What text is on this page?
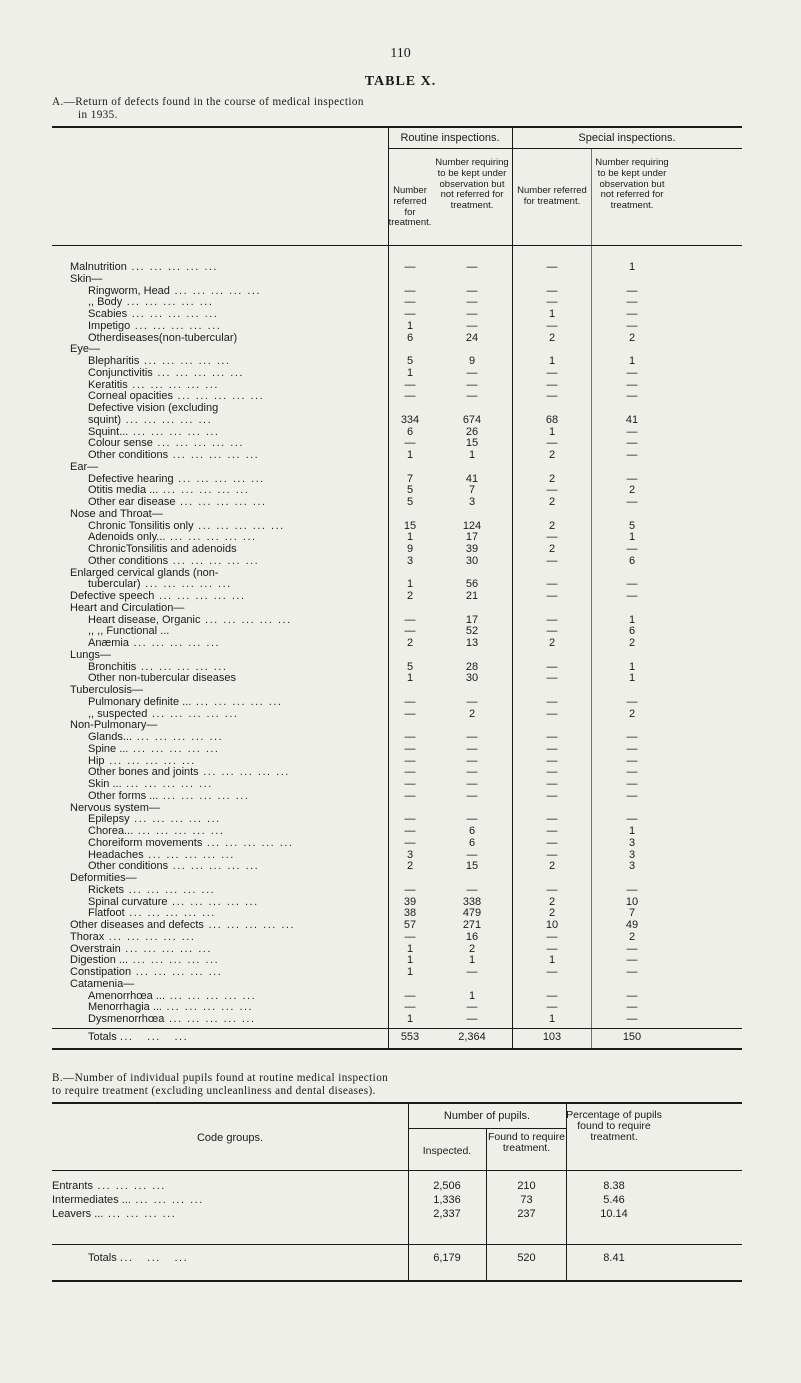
110
TABLE X.
A.—Return of defects found in the course of medical inspection
in 1935.
Routine inspections.	Special inspections.
Number referred for treatment.
Number requiring to be kept under observation but not referred for treatment.
Number referred for treatment.
Number requiring to be kept under observation but not referred for treatment.
Malnutrition ... ... ... ... ...	—	—	—	1
Skin—
Ringworm, Head ... ... ... ... ...	—	—	—	—
,, Body ... ... ... ... ...	—	—	—	—
Scabies ... ... ... ... ...	—	—	1	—
Impetigo ... ... ... ... ...	1	—	—	—
Otherdiseases(non-tubercular)	6	24	2	2
Eye—
Blepharitis ... ... ... ... ...	5	9	1	1
Conjunctivitis ... ... ... ... ...	1	—	—	—
Keratitis ... ... ... ... ...	—	—	—	—
Corneal opacities ... ... ... ... ...	—	—	—	—
Defective vision (excluding
squint) ... ... ... ... ...	334	674	68	41
Squint... ... ... ... ... ...	6	26	1	—
Colour sense ... ... ... ... ...	—	15	—	—
Other conditions ... ... ... ... ...	1	1	2	—
Ear—
Defective hearing ... ... ... ... ...	7	41	2	—
Otitis media ... ... ... ... ... ...	5	7	—	2
Other ear disease ... ... ... ... ...	5	3	2	—
Nose and Throat—
Chronic Tonsilitis only ... ... ... ... ...	15	124	2	5
Adenoids only... ... ... ... ... ...	1	17	—	1
ChronicTonsilitis and adenoids	9	39	2	—
Other conditions ... ... ... ... ...	3	30	—	6
Enlarged cervical glands (non-
tubercular) ... ... ... ... ...	1	56	—	—
Defective speech ... ... ... ... ...	2	21	—	—
Heart and Circulation—
Heart disease, Organic ... ... ... ... ...	—	17	—	1
,, ,, Functional ...	—	52	—	6
Anæmia ... ... ... ... ...	2	13	2	2
Lungs—
Bronchitis ... ... ... ... ...	5	28	—	1
Other non-tubercular diseases	1	30	—	1
Tuberculosis—
Pulmonary definite ... ... ... ... ... ...	—	—	—	—
,, suspected ... ... ... ... ...	—	2	—	2
Non-Pulmonary—
Glands... ... ... ... ... ...	—	—	—	—
Spine ... ... ... ... ... ...	—	—	—	—
Hip ... ... ... ... ...	—	—	—	—
Other bones and joints ... ... ... ... ...	—	—	—	—
Skin ... ... ... ... ... ...	—	—	—	—
Other forms ... ... ... ... ... ...	—	—	—	—
Nervous system—
Epilepsy ... ... ... ... ...	—	—	—	—
Chorea... ... ... ... ... ...	—	6	—	1
Choreiform movements ... ... ... ... ...	—	6	—	3
Headaches ... ... ... ... ...	3	—	—	3
Other conditions ... ... ... ... ...	2	15	2	3
Deformities—
Rickets ... ... ... ... ...	—	—	—	—
Spinal curvature ... ... ... ... ...	39	338	2	10
Flatfoot ... ... ... ... ...	38	479	2	7
Other diseases and defects ... ... ... ... ...	57	271	10	49
Thorax ... ... ... ... ...	—	16	—	2
Overstrain ... ... ... ... ...	1	2	—	—
Digestion ... ... ... ... ... ...	1	1	1	—
Constipation ... ... ... ... ...	1	—	—	—
Catamenia—
Amenorrhœa ... ... ... ... ... ...	—	1	—	—
Menorrhagia ... ... ... ... ... ...	—	—	—	—
Dysmenorrhœa ... ... ... ... ...	1	—	1	—
Totals ...   ...   ...	553	2,364	103	150
B.—Number of individual pupils found at routine medical inspection
to require treatment (excluding uncleanliness and dental diseases).
Code groups.
Number of pupils.
Inspected.
Found to require treatment.
Percentage of pupils found to require treatment.
Entrants ... ... ... ...	2,506	210	8.38
Intermediates ... ... ... ... ...	1,336	73	5.46
Leavers ... ... ... ... ...	2,337	237	10.14
Totals ...   ...   ...	6,179	520	8.41
